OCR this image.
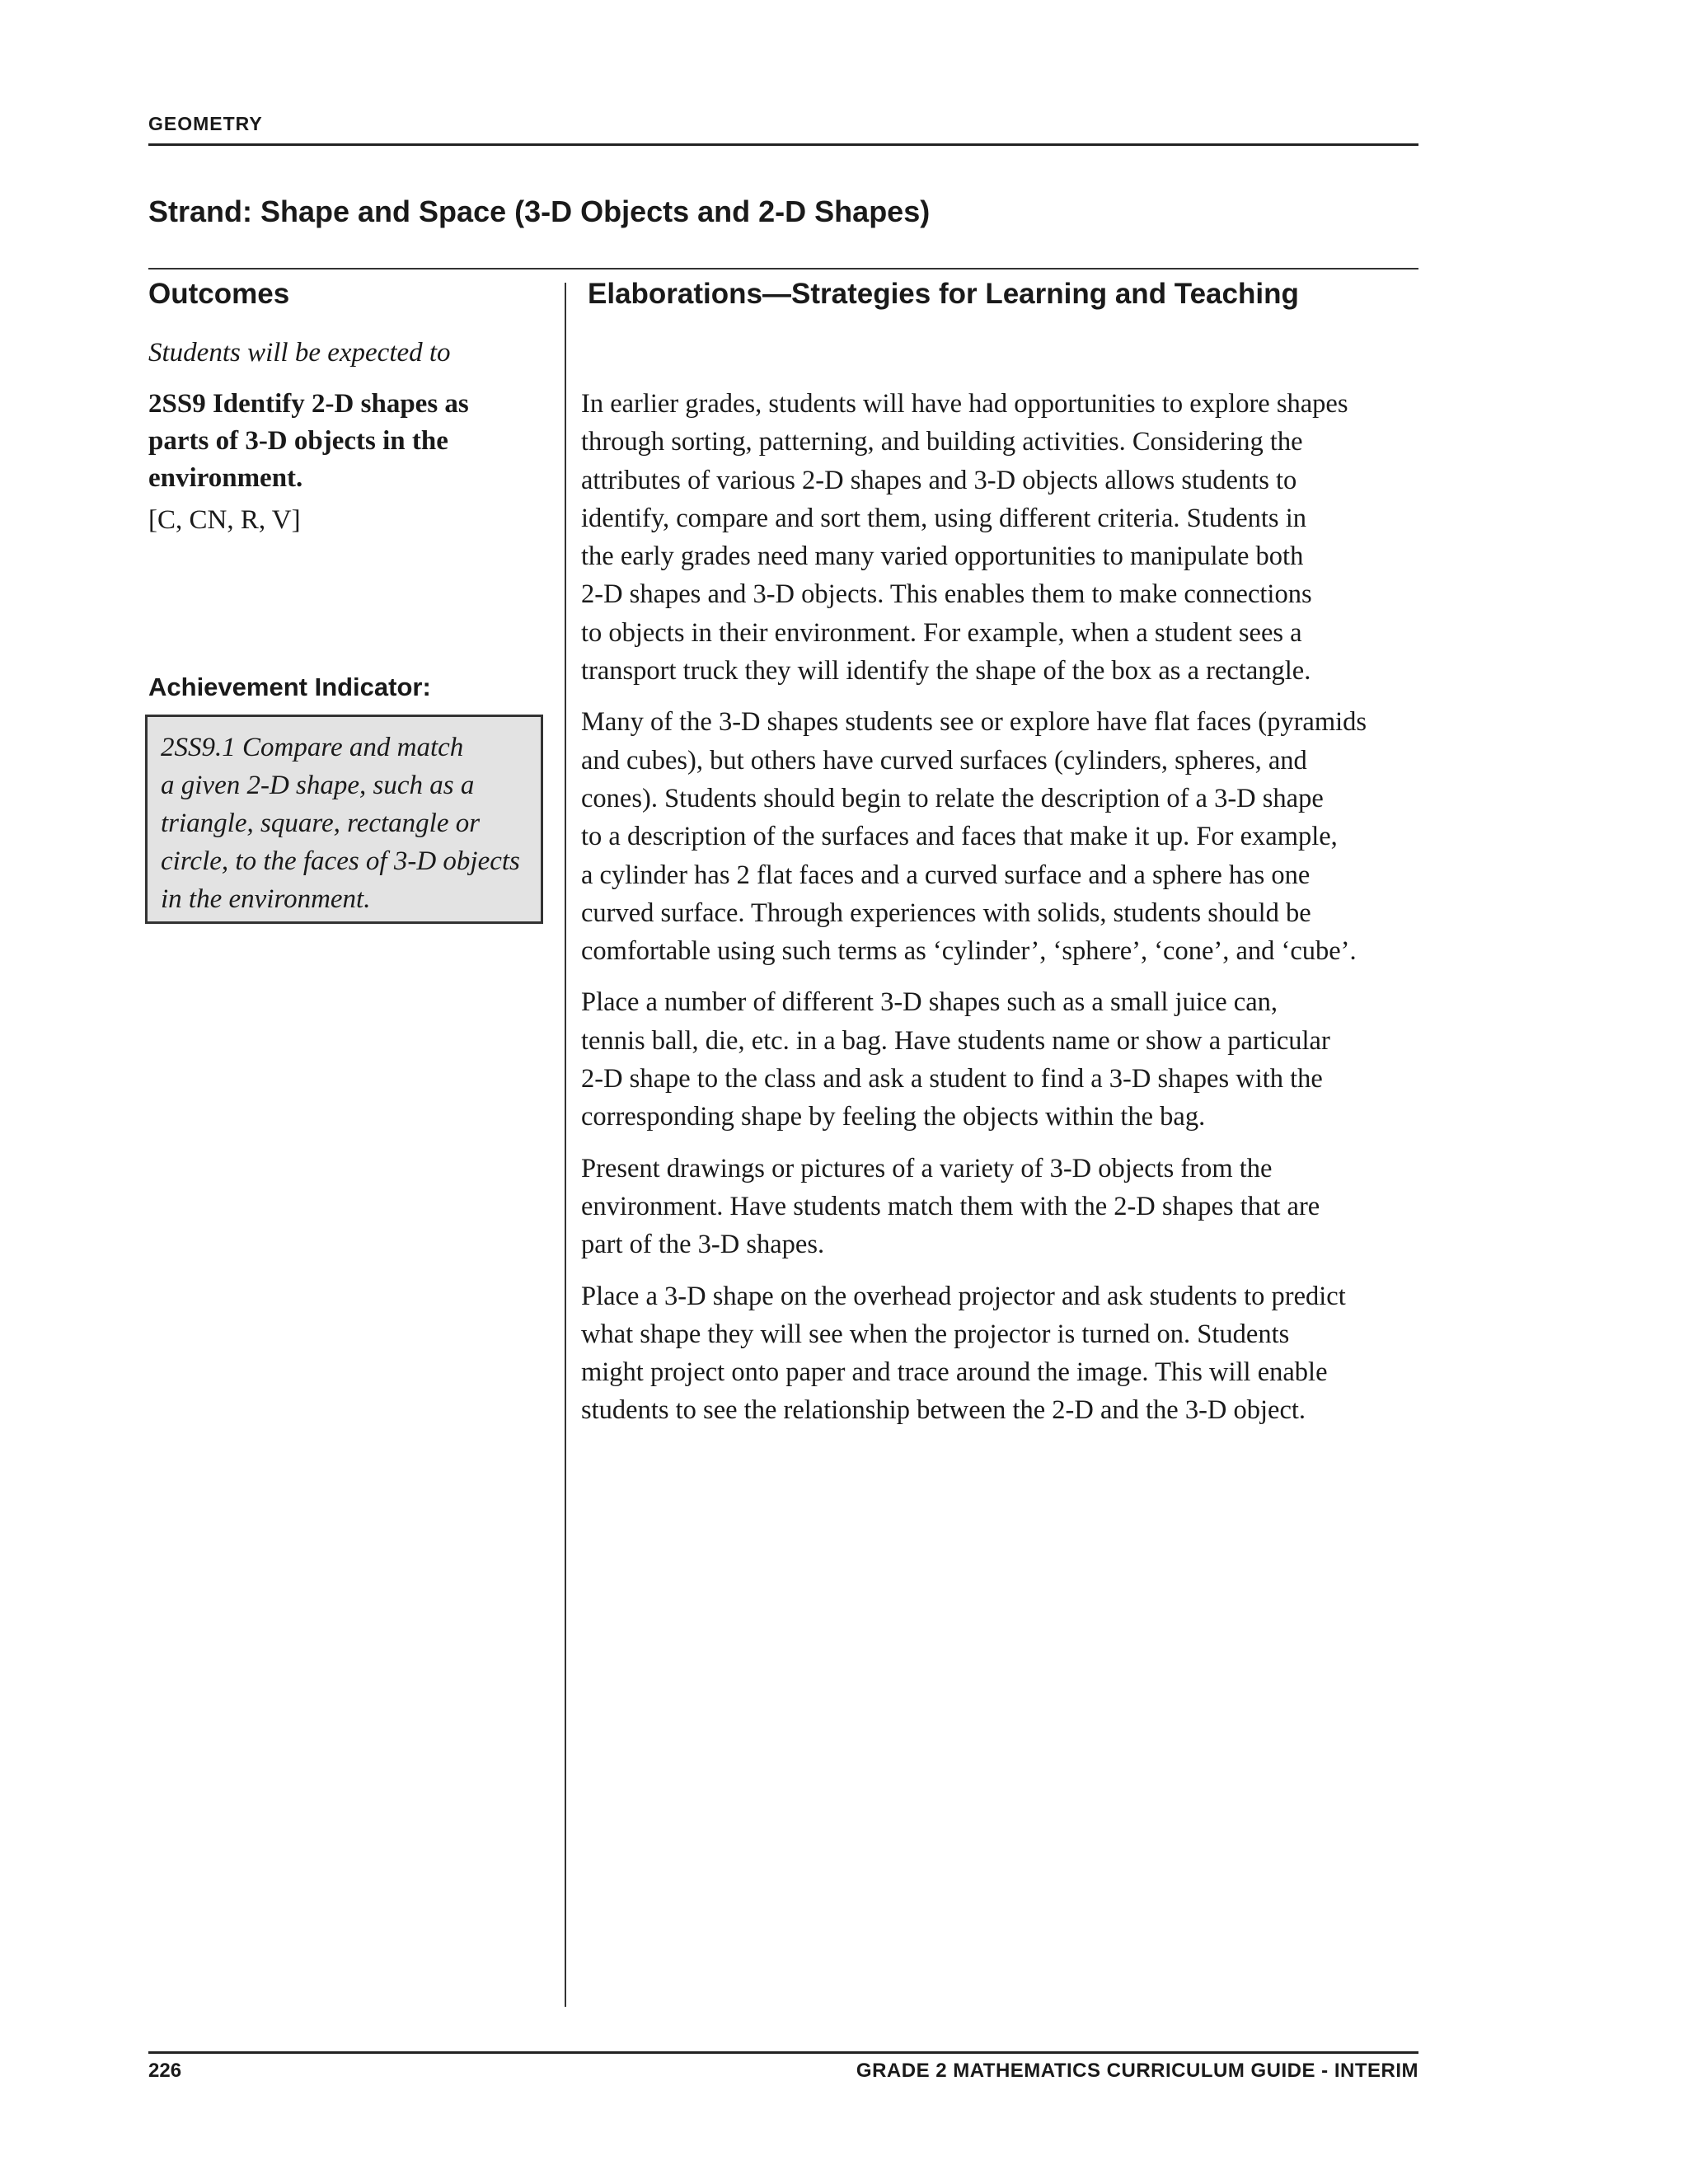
GEOMETRY
Strand: Shape and Space (3-D Objects and 2-D Shapes)
Outcomes
Students will be expected to
2SS9 Identify 2-D shapes as
parts of 3-D objects in the
environment.
[C, CN, R, V]
Achievement Indicator:
2SS9.1 Compare and match
a given 2-D shape, such as a
triangle, square, rectangle or
circle, to the faces of 3-D objects
in the environment.
Elaborations—Strategies for Learning and Teaching

In earlier grades, students will have had opportunities to explore shapes
through sorting, patterning, and building activities. Considering the
attributes of various 2-D shapes and 3-D objects allows students to
identify, compare and sort them, using different criteria. Students in
the early grades need many varied opportunities to manipulate both
2-D shapes and 3-D objects. This enables them to make connections
to objects in their environment. For example, when a student sees a
transport truck they will identify the shape of the box as a rectangle.

Many of the 3-D shapes students see or explore have flat faces (pyramids
and cubes), but others have curved surfaces (cylinders, spheres, and
cones). Students should begin to relate the description of a 3-D shape
to a description of the surfaces and faces that make it up. For example,
a cylinder has 2 flat faces and a curved surface and a sphere has one
curved surface. Through experiences with solids, students should be
comfortable using such terms as ‘cylinder’, ‘sphere’, ‘cone’, and ‘cube’.

Place a number of different 3-D shapes such as a small juice can,
tennis ball, die, etc. in a bag. Have students name or show a particular
2-D shape to the class and ask a student to find a 3-D shapes with the
corresponding shape by feeling the objects within the bag.

Present drawings or pictures of a variety of 3-D objects from the
environment. Have students match them with the 2-D shapes that are
part of the 3-D shapes.

Place a 3-D shape on the overhead projector and ask students to predict
what shape they will see when the projector is turned on. Students
might project onto paper and trace around the image. This will enable
students to see the relationship between the 2-D and the 3-D object.

226	GRADE 2 MATHEMATICS CURRICULUM GUIDE - INTERIM
